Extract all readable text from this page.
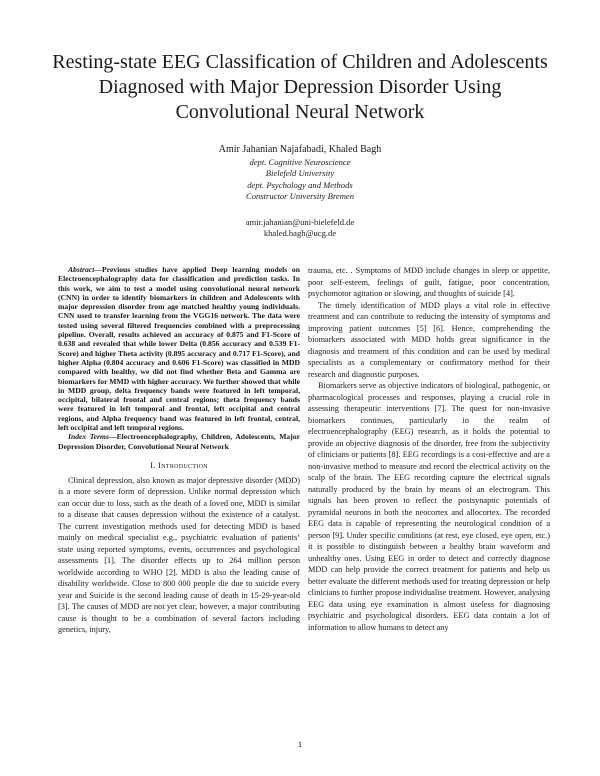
Resting-state EEG Classification of Children and Adolescents Diagnosed with Major Depression Disorder Using Convolutional Neural Network
Amir Jahanian Najafabadi, Khaled Bagh
dept. Cognitive Neuroscience
Bielefeld University
dept. Psychology and Methods
Constructor University Bremen
amir.jahanian@uni-bielefeld.de
khaled.bagh@ucg.de

Abstract—Previous studies have applied Deep learning models on Electroencephalography data for classification and prediction tasks. In this work, we aim to test a model using convolutional neural network (CNN) in order to identify biomarkers in children and Adolescents with major depression disorder from age matched healthy young individuals. CNN used to transfer learning from the VGG16 network. The data were tested using several filtered frequencies combined with a preprocessing pipeline. Overall, results achieved an accuracy of 0.875 and F1-Score of 0.638 and revealed that while lower Delta (0.856 accuracy and 0.539 F1-Score) and higher Theta activity (0.895 accuracy and 0.717 F1-Score), and higher Alpha (0.804 accuracy and 0.606 F1-Score) was classified in MDD compared with healthy, we did not find whether Beta and Gamma are biomarkers for MMD with higher accuracy. We further showed that while in MDD group, delta frequency bands were featured in left temporal, occipital, bilateral frontal and central regions; theta frequency bands were featured in left temporal and frontal, left occipital and central regions, and Alpha frequency band was featured in left frontal, central, left occipital and left temporal regions.

Index Terms—Electroencephalography, Children, Adolescents, Major Depression Disorder, Convolutional Neural Network

I. Introduction

Clinical depression, also known as major depressive disorder (MDD) is a more severe form of depression. Unlike normal depression which can occur due to loss, such as the death of a loved one, MDD is similar to a disease that causes depression without the existence of a catalyst. The current investigation methods used for detecting MDD is based mainly on medical specialist e.g., psychiatric evaluation of patients’ state using reported symptoms, events, occurrences and psychological assessments [1]. The disorder effects up to 264 million person worldwide according to WHO [2]. MDD is also the leading cause of disability worldwide. Close to 800 000 people die due to suicide every year and Suicide is the second leading cause of death in 15-29-year-old [3]. The causes of MDD are not yet clear, however, a major contributing cause is thought to be a combination of several factors including genetics, injury,

trauma, etc. . Symptoms of MDD include changes in sleep or appetite, poor self-esteem, feelings of guilt, fatigue, poor concentration, psychomotor agitation or slowing, and thoughts of suicide [4].

The timely identification of MDD plays a vital role in effective treatment and can contribute to reducing the intensity of symptoms and improving patient outcomes [5] [6]. Hence, comprehending the biomarkers associated with MDD holds great significance in the diagnosis and treatment of this condition and can be used by medical specialists as a complementary or confirmatory method for their research and diagnostic purposes.

Biomarkers serve as objective indicators of biological, pathogenic, or pharmacological processes and responses, playing a crucial role in assessing therapeutic interventions [7]. The quest for non-invasive biomarkers continues, particularly in the realm of electroencephalography (EEG) research, as it holds the potential to provide an objective diagnosis of the disorder, free from the subjectivity of clinicians or patients [8]. EEG recordings is a cost-effective and are a non-invasive method to measure and record the electrical activity on the scalp of the brain. The EEG recording capture the electrical signals naturally produced by the brain by means of an electrogram. This signals has been proven to reflect the postsynaptic potentials of pyramidal neurons in both the neocortex and allocortex. The recorded EEG data is capable of representing the neurological condition of a person [9]. Under specific conditions (at rest, eye closed, eye open, etc.) it is possible to distinguish between a healthy brain waveform and unhealthy ones. Using EEG in order to detect and correctly diagnose MDD can help provide the correct treatment for patients and help us better evaluate the different methods used for treating depression or help clinicians to further propose individualise treatment. However, analysing EEG data using eye examination is almost useless for diagnosing psychiatric and psychological disorders. EEG data contain a lot of information to allow humans to detect any

1
